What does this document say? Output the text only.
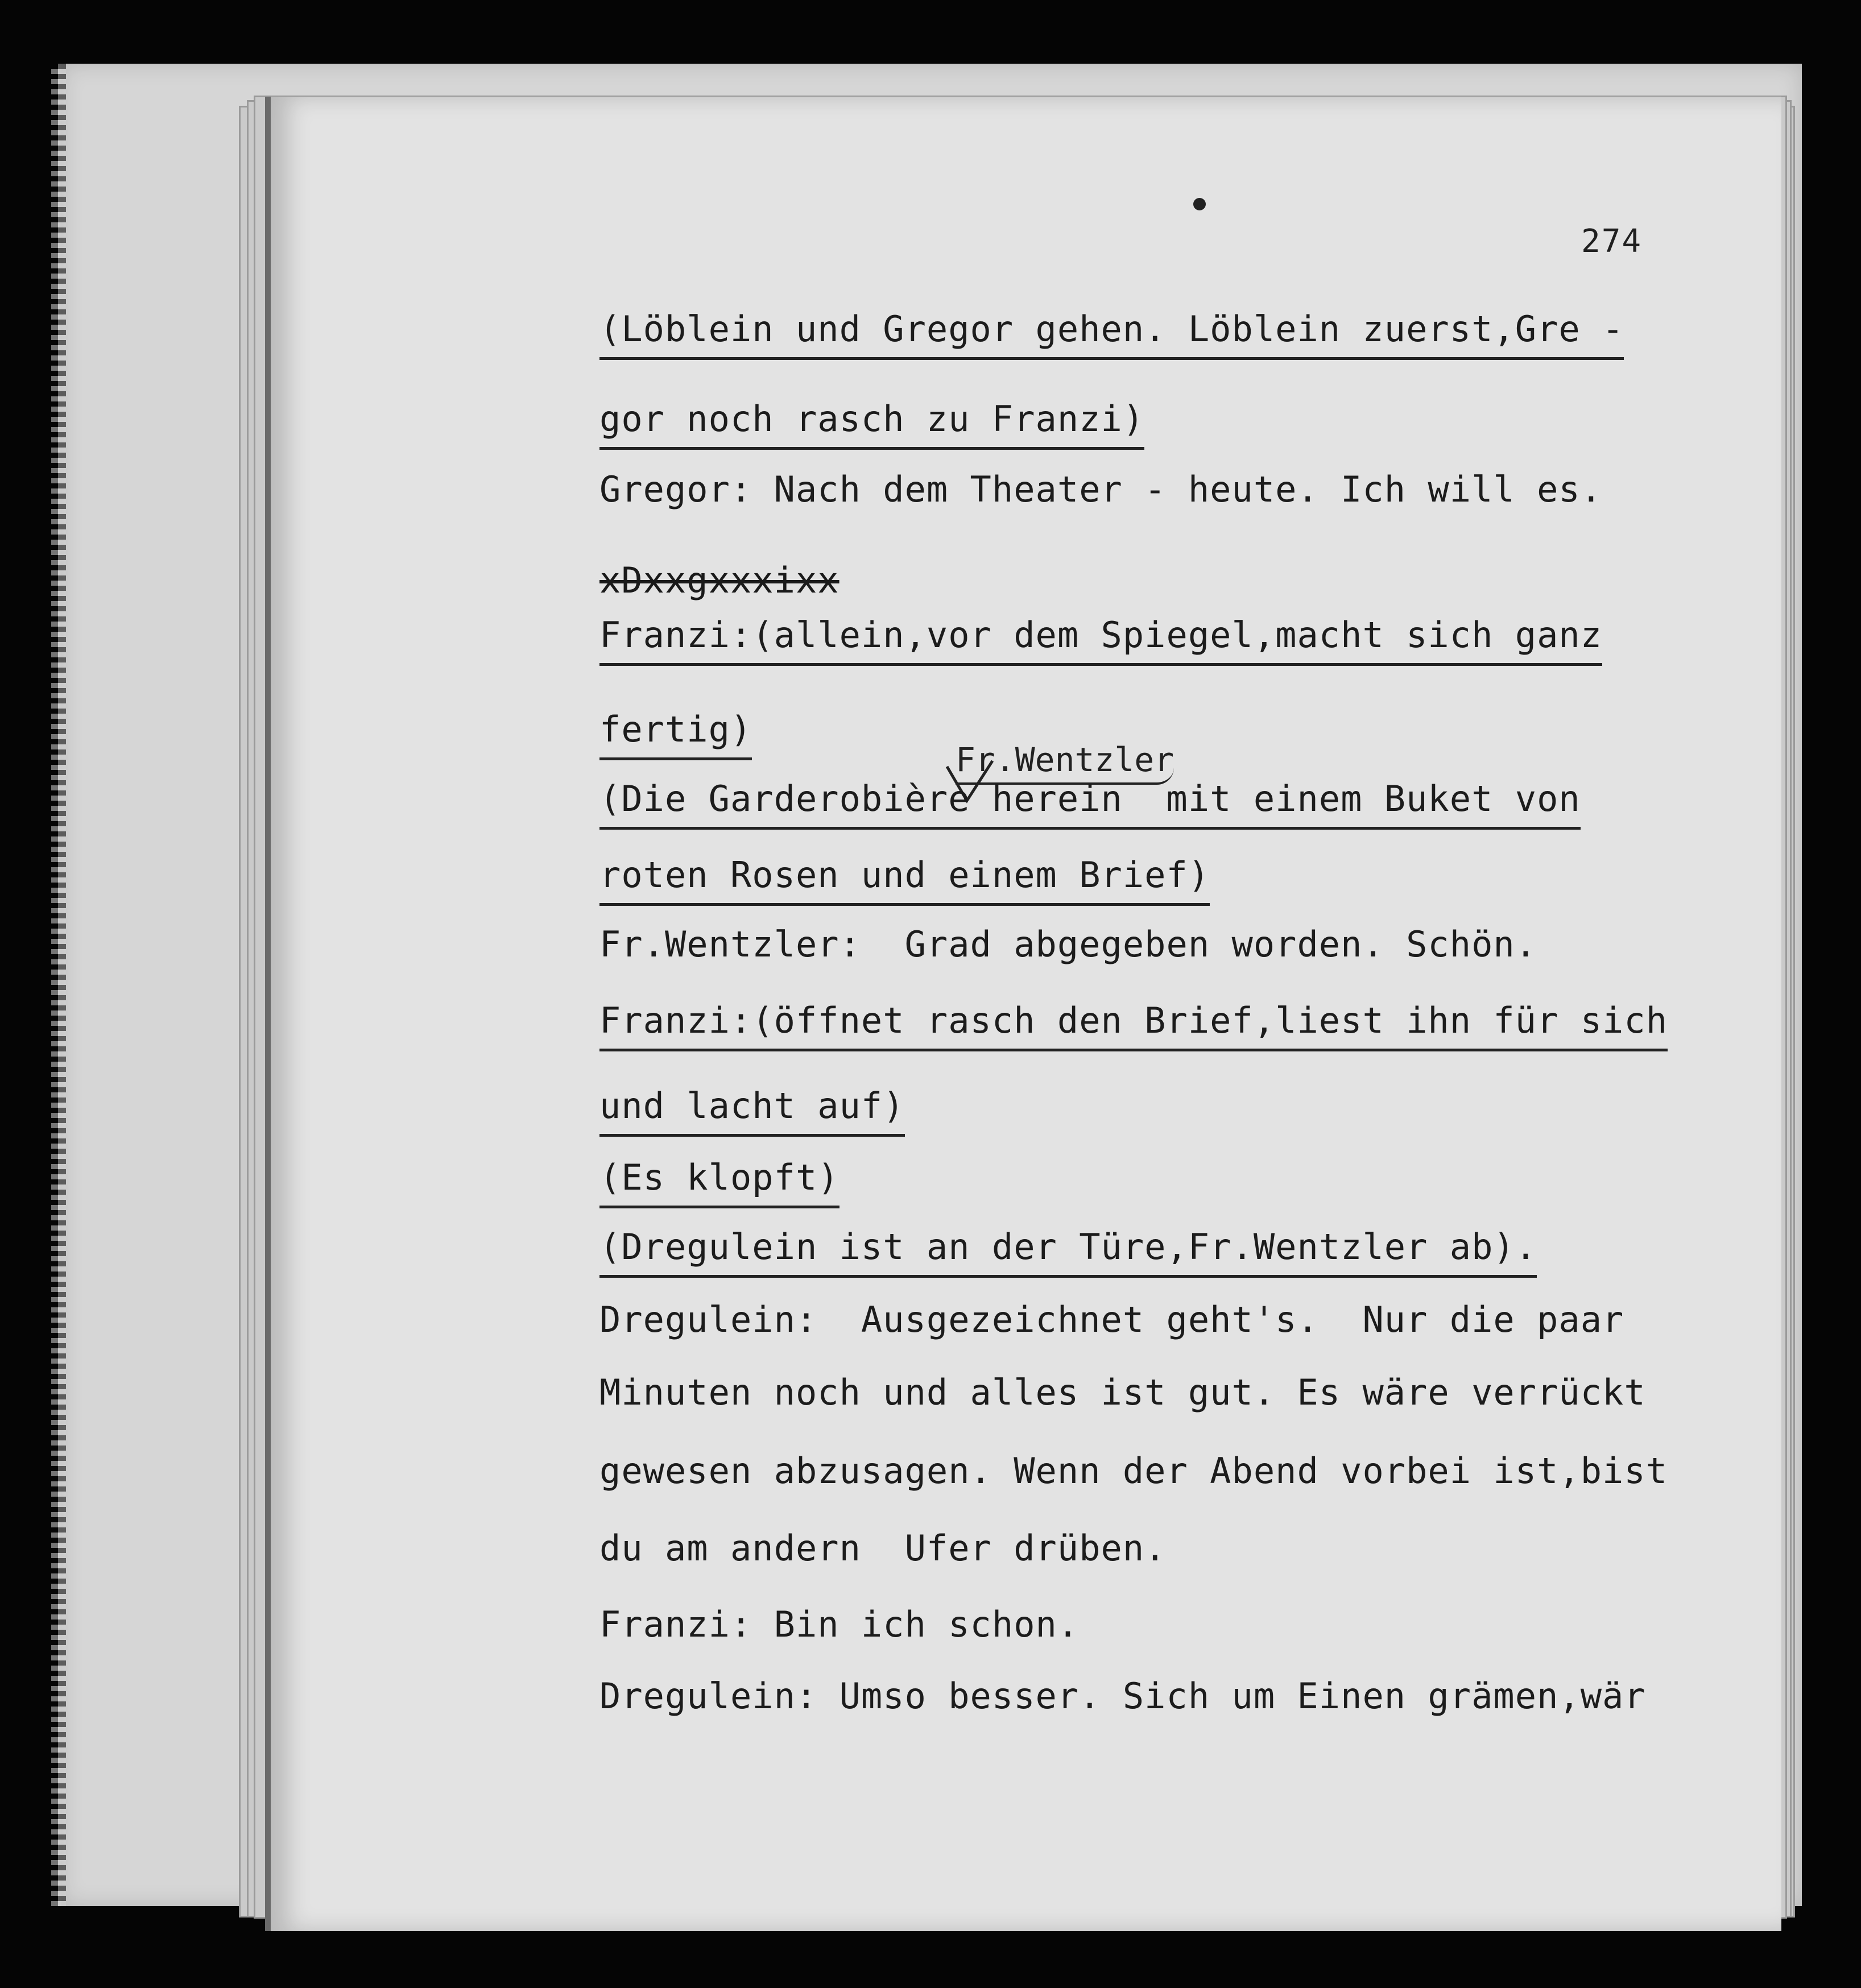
274
(Löblein und Gregor gehen. Löblein zuerst,Gre -
gor noch rasch zu Franzi)
Gregor: Nach dem Theater - heute. Ich will es.
xDxxgxxxixx
Franzi:(allein,vor dem Spiegel,macht sich ganz
fertig)
Fr.Wentzler
(Die Garderobière herein  mit einem Buket von
roten Rosen und einem Brief)
Fr.Wentzler:  Grad abgegeben worden. Schön.
Franzi:(öffnet rasch den Brief,liest ihn für sich
und lacht auf)
(Es klopft)
(Dregulein ist an der Türe,Fr.Wentzler ab).
Dregulein:  Ausgezeichnet geht's.  Nur die paar
Minuten noch und alles ist gut. Es wäre verrückt
gewesen abzusagen. Wenn der Abend vorbei ist,bist
du am andern  Ufer drüben.
Franzi: Bin ich schon.
Dregulein: Umso besser. Sich um Einen grämen,wär
